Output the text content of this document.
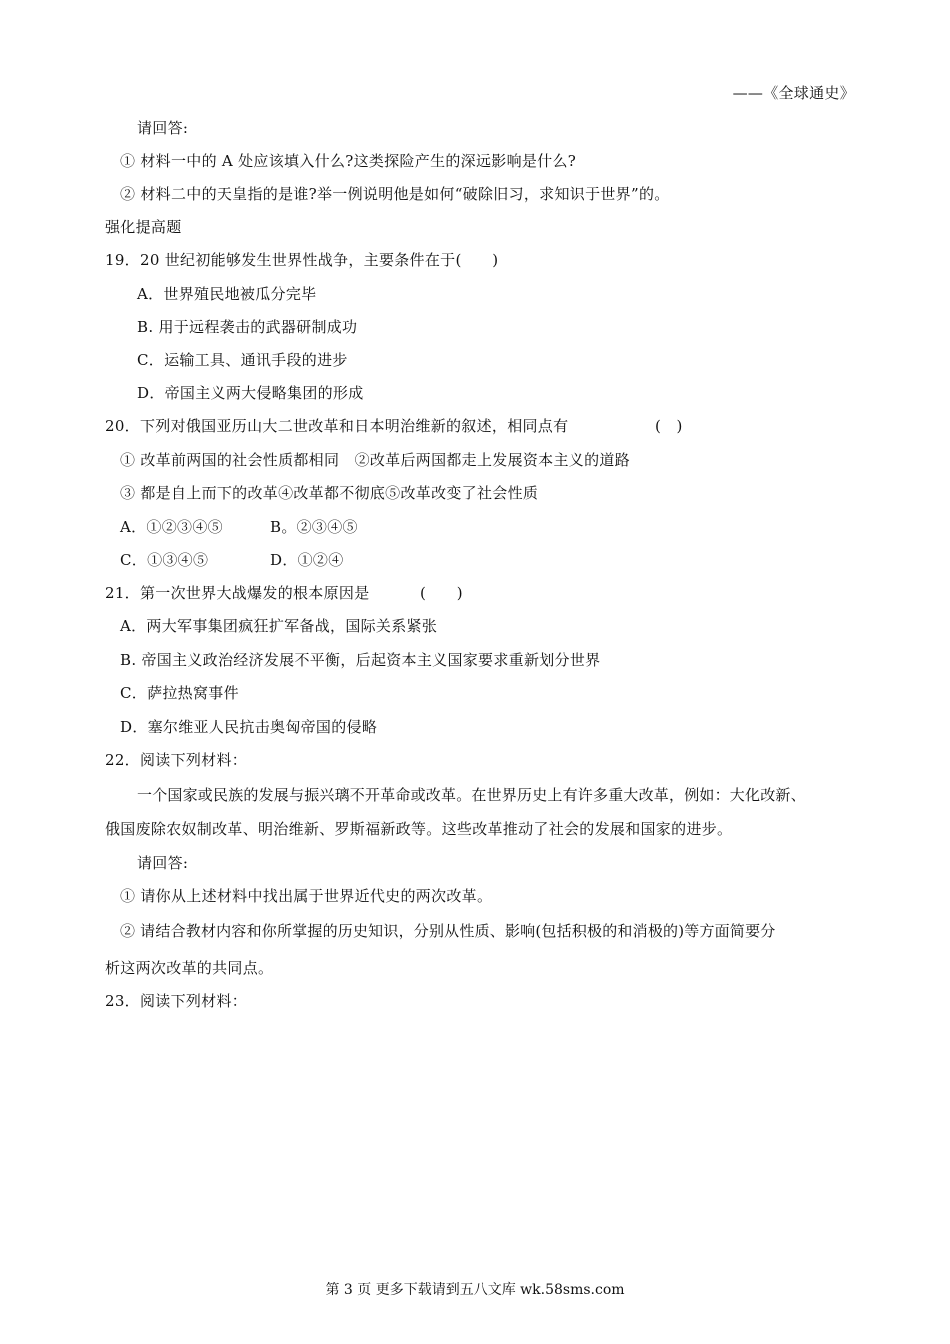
——《全球通史》
请回答:
① 材料一中的 A 处应该填入什么?这类探险产生的深远影响是什么?
② 材料二中的天皇指的是谁?举一例说明他是如何“破除旧习，求知识于世界”的。
强化提高题
19．20 世纪初能够发生世界性战争，主要条件在于(　　)
A．世界殖民地被瓜分完毕
B. 用于远程袭击的武器研制成功
C．运输工具、通讯手段的进步
D．帝国主义两大侵略集团的形成
20．下列对俄国亚历山大二世改革和日本明治维新的叙述，相同点有	(　)
① 改革前两国的社会性质都相同　②改革后两国都走上发展资本主义的道路
③ 都是自上而下的改革④改革都不彻底⑤改革改变了社会性质
A．①②③④⑤	B。②③④⑤
C．①③④⑤	D．①②④
21．第一次世界大战爆发的根本原因是	(　　)
A．两大军事集团疯狂扩军备战，国际关系紧张
B. 帝国主义政治经济发展不平衡，后起资本主义国家要求重新划分世界
C．萨拉热窝事件
D．塞尔维亚人民抗击奥匈帝国的侵略
22．阅读下列材料：
一个国家或民族的发展与振兴璃不开革命或改革。在世界历史上有许多重大改革，例如：大化改新、
俄国废除农奴制改革、明治维新、罗斯福新政等。这些改革推动了社会的发展和国家的进步。
请回答:
① 请你从上述材料中找出属于世界近代史的两次改革。
② 请结合教材内容和你所掌握的历史知识，分别从性质、影响(包括积极的和消极的)等方面简要分
析这两次改革的共同点。
23．阅读下列材料：
第 3 页 更多下载请到五八文库 wk.58sms.com
